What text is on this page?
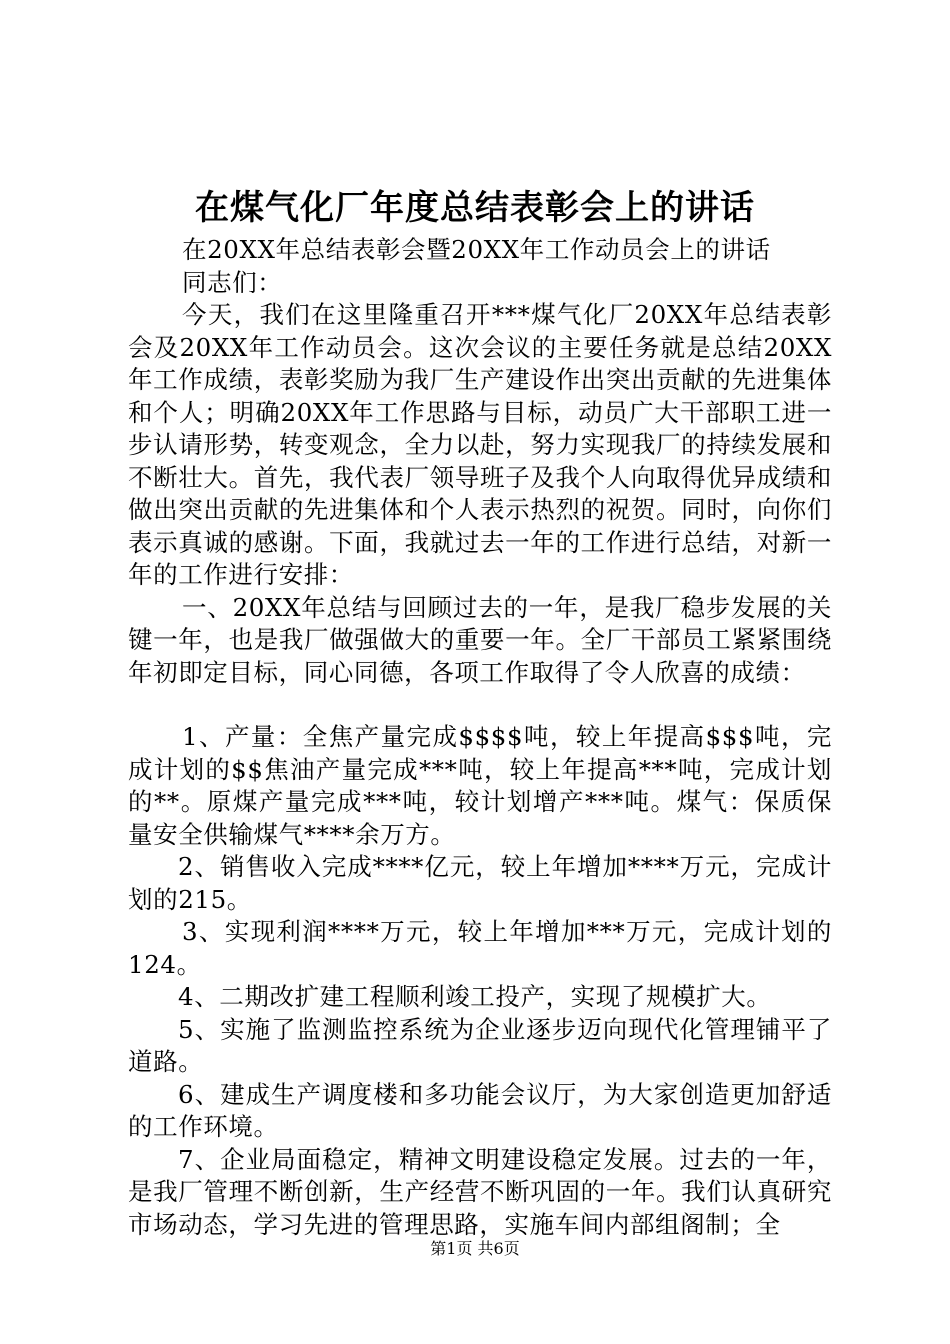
在煤气化厂年度总结表彰会上的讲话

在20XX年总结表彰会暨20XX年工作动员会上的讲话

同志们：

今天，我们在这里隆重召开***煤气化厂20XX年总结表彰会及20XX年工作动员会。这次会议的主要任务就是总结20XX年工作成绩，表彰奖励为我厂生产建设作出突出贡献的先进集体和个人；明确20XX年工作思路与目标，动员广大干部职工进一步认请形势，转变观念，全力以赴，努力实现我厂的持续发展和不断壮大。首先，我代表厂领导班子及我个人向取得优异成绩和做出突出贡献的先进集体和个人表示热烈的祝贺。同时，向你们表示真诚的感谢。下面，我就过去一年的工作进行总结，对新一年的工作进行安排：

一、20XX年总结与回顾过去的一年，是我厂稳步发展的关键一年，也是我厂做强做大的重要一年。全厂干部员工紧紧围绕年初即定目标，同心同德，各项工作取得了令人欣喜的成绩：

1、产量：全焦产量完成$$$$吨，较上年提高$$$吨，完成计划的$$焦油产量完成***吨，较上年提高***吨，完成计划的**。原煤产量完成***吨，较计划增产***吨。煤气：保质保量安全供输煤气****余万方。

2、销售收入完成****亿元，较上年增加****万元，完成计划的215。

3、实现利润****万元，较上年增加***万元，完成计划的124。

4、二期改扩建工程顺利竣工投产，实现了规模扩大。

5、实施了监测监控系统为企业逐步迈向现代化管理铺平了道路。

6、建成生产调度楼和多功能会议厅，为大家创造更加舒适的工作环境。

7、企业局面稳定，精神文明建设稳定发展。过去的一年，是我厂管理不断创新，生产经营不断巩固的一年。我们认真研究市场动态，学习先进的管理思路，实施车间内部组阁制；全

第1页 共6页
